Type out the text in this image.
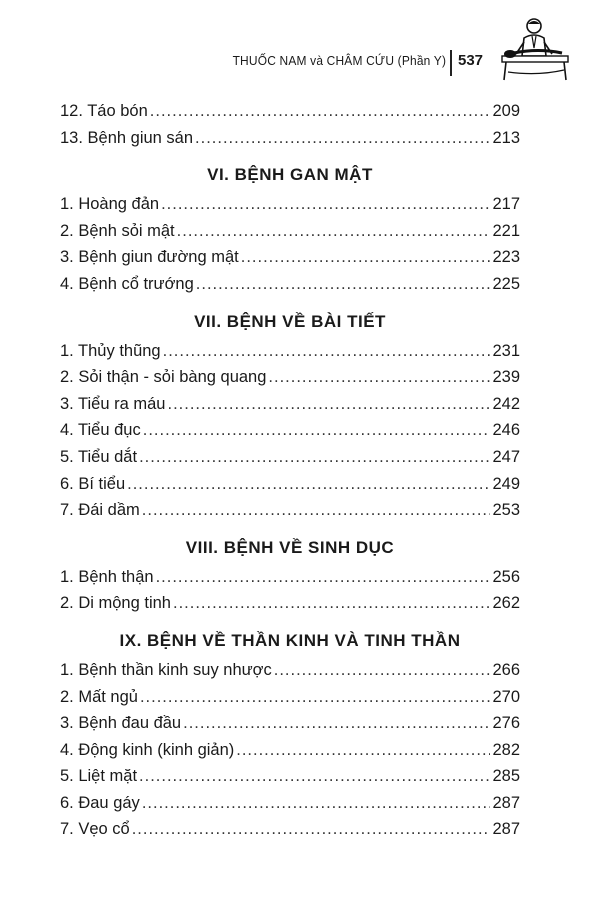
THUỐC NAM và CHÂM CỨU (Phần Y) 537
12. Táo bón .....	209
13. Bệnh giun sán .....	213
VI. BỆNH GAN MẬT
1. Hoàng đản .....	217
2. Bệnh sỏi mật .....	221
3. Bệnh giun đường mật .....	223
4. Bệnh cổ trướng .....	225
VII. BỆNH VỀ BÀI TIẾT
1. Thủy thũng .....	231
2. Sỏi thận - sỏi bàng quang .....	239
3. Tiểu ra máu .....	242
4. Tiểu đục .....	246
5. Tiểu dắt .....	247
6. Bí tiểu .....	249
7. Đái dầm .....	253
VIII. BỆNH VỀ SINH DỤC
1. Bệnh thận .....	256
2. Di mộng tinh .....	262
IX. BỆNH VỀ THẦN KINH VÀ TINH THẦN
1. Bệnh thần kinh suy nhược .....	266
2. Mất ngủ .....	270
3. Bệnh đau đầu .....	276
4. Động kinh (kinh giản) .....	282
5. Liệt mặt .....	285
6. Đau gáy .....	287
7. Vẹo cổ .....	287
